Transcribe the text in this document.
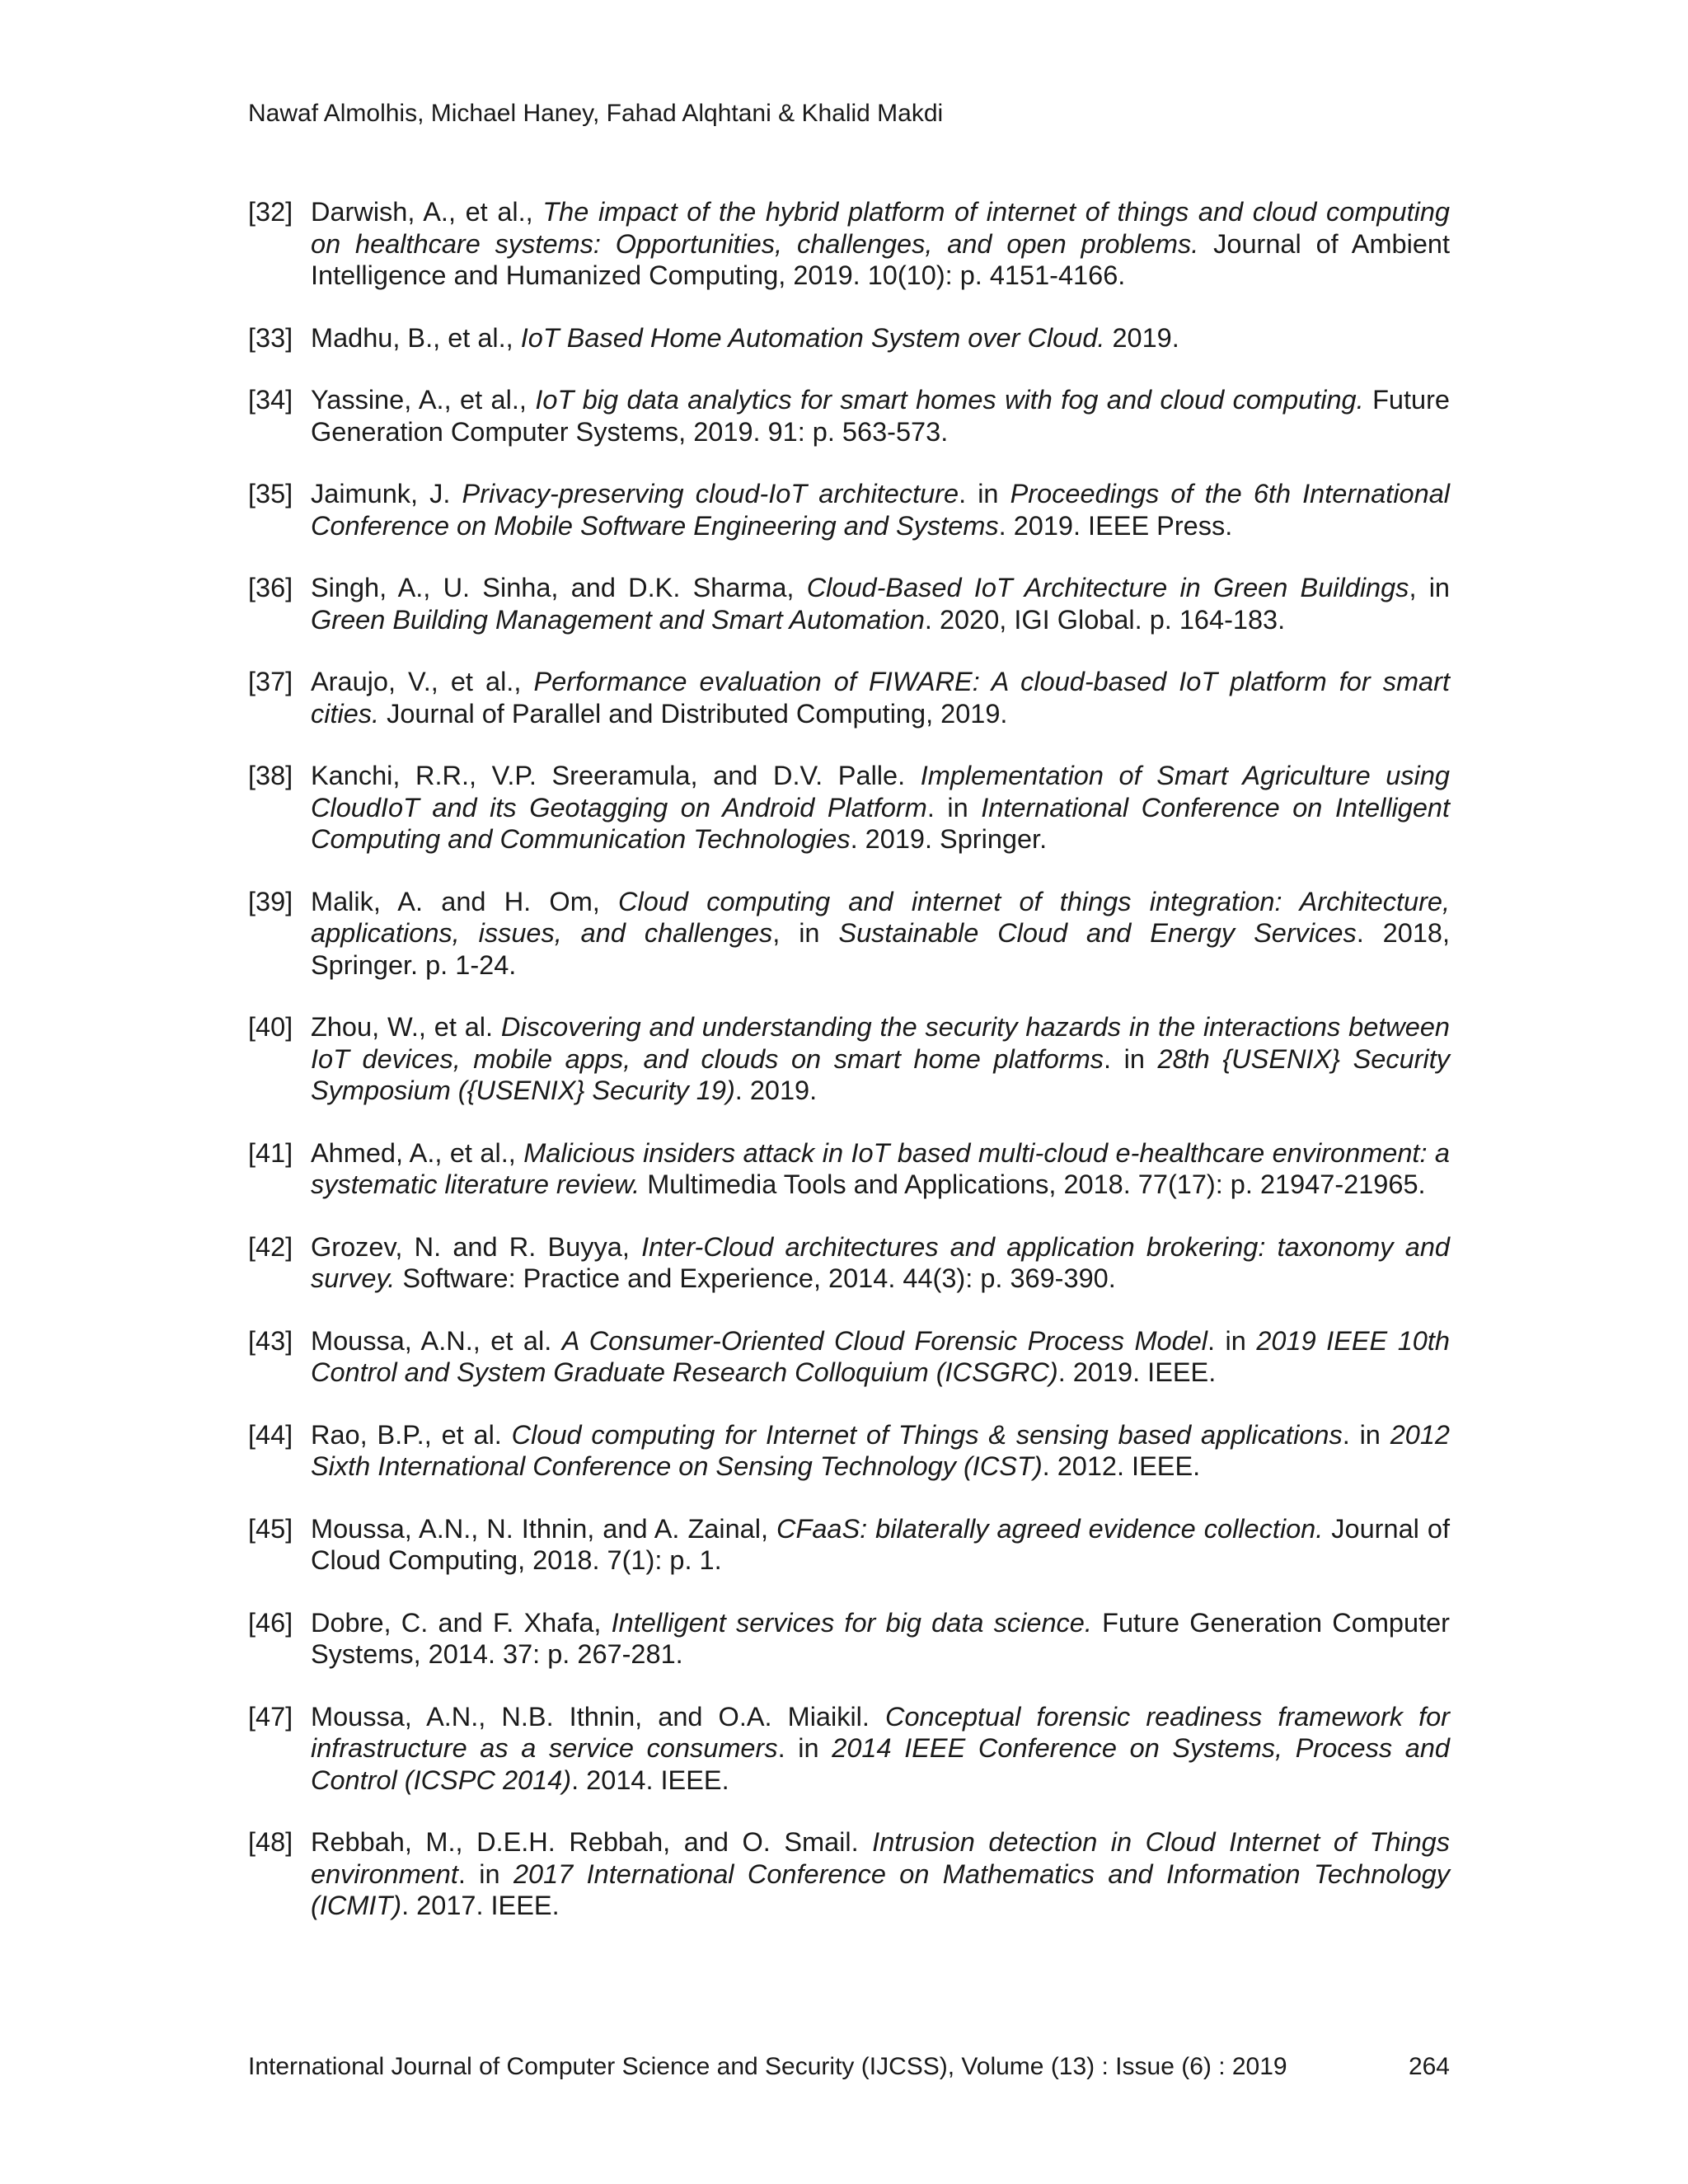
Nawaf Almolhis, Michael Haney, Fahad Alqhtani & Khalid Makdi
[32] Darwish, A., et al., The impact of the hybrid platform of internet of things and cloud computing on healthcare systems: Opportunities, challenges, and open problems. Journal of Ambient Intelligence and Humanized Computing, 2019. 10(10): p. 4151-4166.
[33] Madhu, B., et al., IoT Based Home Automation System over Cloud. 2019.
[34] Yassine, A., et al., IoT big data analytics for smart homes with fog and cloud computing. Future Generation Computer Systems, 2019. 91: p. 563-573.
[35] Jaimunk, J. Privacy-preserving cloud-IoT architecture. in Proceedings of the 6th International Conference on Mobile Software Engineering and Systems. 2019. IEEE Press.
[36] Singh, A., U. Sinha, and D.K. Sharma, Cloud-Based IoT Architecture in Green Buildings, in Green Building Management and Smart Automation. 2020, IGI Global. p. 164-183.
[37] Araujo, V., et al., Performance evaluation of FIWARE: A cloud-based IoT platform for smart cities. Journal of Parallel and Distributed Computing, 2019.
[38] Kanchi, R.R., V.P. Sreeramula, and D.V. Palle. Implementation of Smart Agriculture using CloudIoT and its Geotagging on Android Platform. in International Conference on Intelligent Computing and Communication Technologies. 2019. Springer.
[39] Malik, A. and H. Om, Cloud computing and internet of things integration: Architecture, applications, issues, and challenges, in Sustainable Cloud and Energy Services. 2018, Springer. p. 1-24.
[40] Zhou, W., et al. Discovering and understanding the security hazards in the interactions between IoT devices, mobile apps, and clouds on smart home platforms. in 28th {USENIX} Security Symposium ({USENIX} Security 19). 2019.
[41] Ahmed, A., et al., Malicious insiders attack in IoT based multi-cloud e-healthcare environment: a systematic literature review. Multimedia Tools and Applications, 2018. 77(17): p. 21947-21965.
[42] Grozev, N. and R. Buyya, Inter-Cloud architectures and application brokering: taxonomy and survey. Software: Practice and Experience, 2014. 44(3): p. 369-390.
[43] Moussa, A.N., et al. A Consumer-Oriented Cloud Forensic Process Model. in 2019 IEEE 10th Control and System Graduate Research Colloquium (ICSGRC). 2019. IEEE.
[44] Rao, B.P., et al. Cloud computing for Internet of Things & sensing based applications. in 2012 Sixth International Conference on Sensing Technology (ICST). 2012. IEEE.
[45] Moussa, A.N., N. Ithnin, and A. Zainal, CFaaS: bilaterally agreed evidence collection. Journal of Cloud Computing, 2018. 7(1): p. 1.
[46] Dobre, C. and F. Xhafa, Intelligent services for big data science. Future Generation Computer Systems, 2014. 37: p. 267-281.
[47] Moussa, A.N., N.B. Ithnin, and O.A. Miaikil. Conceptual forensic readiness framework for infrastructure as a service consumers. in 2014 IEEE Conference on Systems, Process and Control (ICSPC 2014). 2014. IEEE.
[48] Rebbah, M., D.E.H. Rebbah, and O. Smail. Intrusion detection in Cloud Internet of Things environment. in 2017 International Conference on Mathematics and Information Technology (ICMIT). 2017. IEEE.
International Journal of Computer Science and Security (IJCSS), Volume (13) : Issue (6) : 2019	264
